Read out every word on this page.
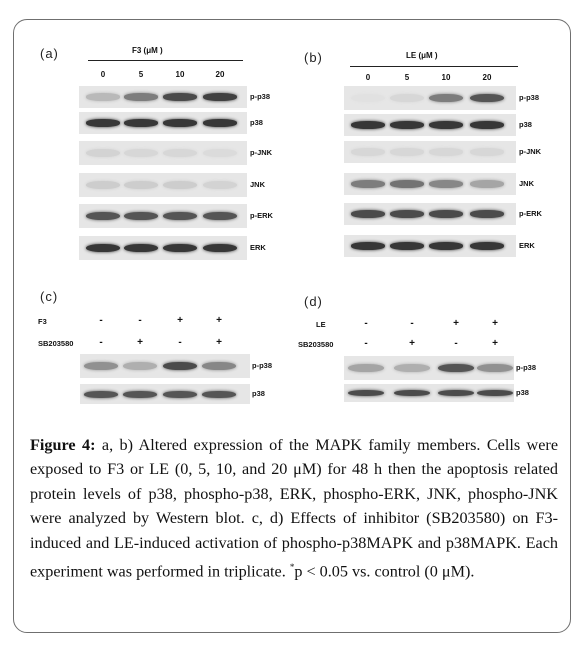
(a)	F3 (μM )
0	5	10	20
p-p38
p38
p-JNK
JNK
p-ERK
ERK
(b)	LE (μM )
0	5	10	20
p-p38
p38
p-JNK
JNK
p-ERK
ERK
(c)
F3	-	-	+	+
SB203580	-	+	-	+
p-p38
p38
(d)
LE	-	-	+	+
SB203580	-	+	-	+
p-p38
p38
Figure 4: a, b) Altered expression of the MAPK family members. Cells were exposed to F3 or LE (0, 5, 10, and 20 μM) for 48 h then the apoptosis related protein levels of p38, phospho-p38, ERK, phospho-ERK, JNK, phospho-JNK were analyzed by Western blot. c, d) Effects of inhibitor (SB203580) on F3-induced and LE-induced activation of phospho-p38MAPK and p38MAPK. Each experiment was performed in triplicate. *p < 0.05 vs. control (0 μM).
